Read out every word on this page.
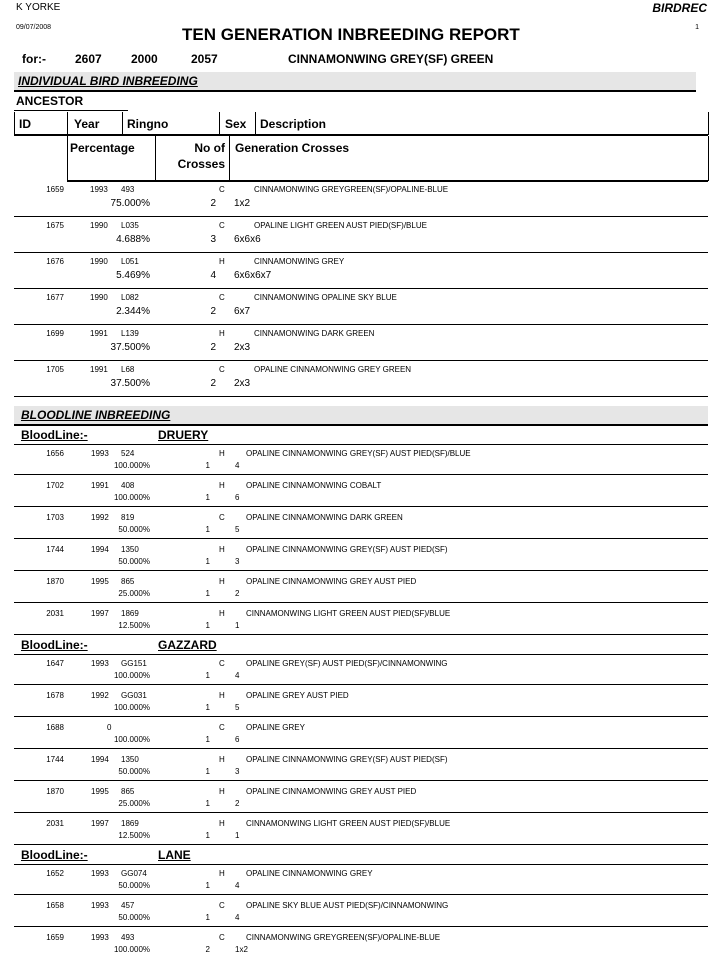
K YORKE	BIRDREC
09/07/2008	1
TEN GENERATION INBREEDING REPORT
for:- 2607 2000	2057	CINNAMONWING GREY(SF) GREEN
INDIVIDUAL BIRD INBREEDING
ANCESTOR
ID	Year Ringno	Sex Description
Percentage	No of
Crosses
Generation Crosses
1659	1993 493	C	CINNAMONWING GREYGREEN(SF)/OPALINE-BLUE
75.000%	2 1x2
1675	1990 L035	C	OPALINE LIGHT GREEN AUST PIED(SF)/BLUE
4.688%	3 6x6x6
1676	1990 L051	H	CINNAMONWING GREY
5.469%	4 6x6x6x7
1677	1990 L082	C	CINNAMONWING OPALINE SKY BLUE
2.344%	2 6x7
1699	1991 L139	H	CINNAMONWING DARK GREEN
37.500%	2 2x3
1705	1991 L68	C	OPALINE CINNAMONWING GREY GREEN
37.500%	2 2x3
BLOODLINE INBREEDING
BloodLine:-	DRUERY
1656	1993 524	H	OPALINE CINNAMONWING GREY(SF) AUST PIED(SF)/BLUE
100.000%	1	4
1702	1991 408	H	OPALINE CINNAMONWING COBALT
100.000%	1	6
1703	1992 819	C	OPALINE CINNAMONWING DARK GREEN
50.000%	1	5
1744	1994 1350	H	OPALINE CINNAMONWING GREY(SF) AUST PIED(SF)
50.000%	1	3
1870	1995 865	H	OPALINE CINNAMONWING GREY AUST PIED
25.000%	1	2
2031	1997 1869	H	CINNAMONWING LIGHT GREEN AUST PIED(SF)/BLUE
12.500%	1	1
BloodLine:-	GAZZARD
1647	1993 GG151	C	OPALINE GREY(SF) AUST PIED(SF)/CINNAMONWING
100.000%	1	4
1678	1992 GG031	H	OPALINE GREY AUST PIED
100.000%	1	5
1688	0	C	OPALINE GREY
100.000%	1	6
1744	1994 1350	H	OPALINE CINNAMONWING GREY(SF) AUST PIED(SF)
50.000%	1	3
1870	1995 865	H	OPALINE CINNAMONWING GREY AUST PIED
25.000%	1	2
2031	1997 1869	H	CINNAMONWING LIGHT GREEN AUST PIED(SF)/BLUE
12.500%	1	1
BloodLine:-	LANE
1652	1993 GG074	H	OPALINE CINNAMONWING GREY
50.000%	1	4
1658	1993 457	C	OPALINE SKY BLUE AUST PIED(SF)/CINNAMONWING
50.000%	1	4
1659	1993 493	C	CINNAMONWING GREYGREEN(SF)/OPALINE-BLUE
100.000%	2	1x2
